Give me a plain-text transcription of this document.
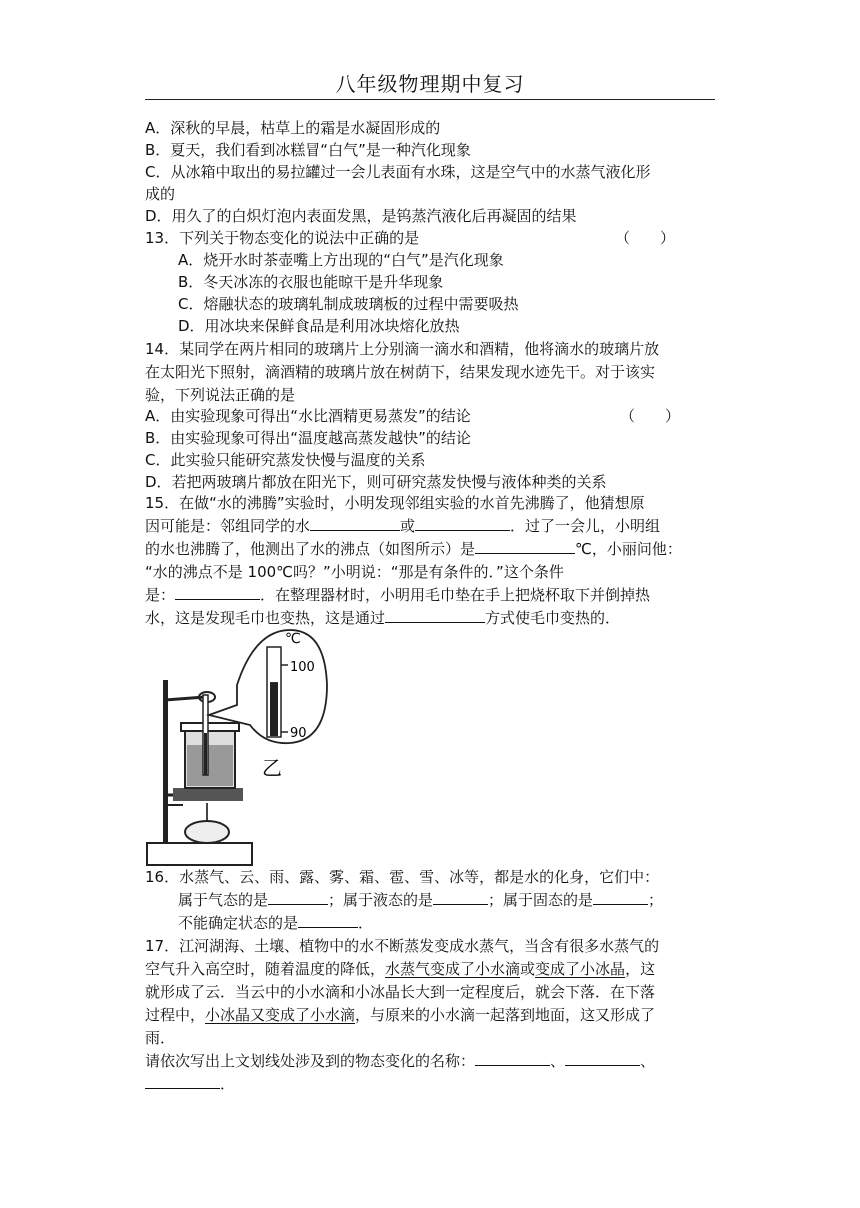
八年级物理期中复习
A．深秋的早晨，枯草上的霜是水凝固形成的
B．夏天，我们看到冰糕冒“白气”是一种汽化现象
C．从冰箱中取出的易拉罐过一会儿表面有水珠，这是空气中的水蒸气液化形
成的
D．用久了的白炽灯泡内表面发黑，是钨蒸汽液化后再凝固的结果
13．下列关于物态变化的说法中正确的是	（　　）
A．烧开水时茶壶嘴上方出现的“白气”是汽化现象
B．冬天冰冻的衣服也能晾干是升华现象
C．熔融状态的玻璃轧制成玻璃板的过程中需要吸热
D．用冰块来保鲜食品是利用冰块熔化放热
14．某同学在两片相同的玻璃片上分别滴一滴水和酒精，他将滴水的玻璃片放
在太阳光下照射，滴酒精的玻璃片放在树荫下，结果发现水迹先干。对于该实
验，下列说法正确的是
A．由实验现象可得出“水比酒精更易蒸发”的结论	（　　）
B．由实验现象可得出“温度越高蒸发越快”的结论
C．此实验只能研究蒸发快慢与温度的关系
D．若把两玻璃片都放在阳光下，则可研究蒸发快慢与液体种类的关系
15．在做“水的沸腾”实验时，小明发现邻组实验的水首先沸腾了，他猜想原
因可能是：邻组同学的水	或	．过了一会儿，小明组
的水也沸腾了，他测出了水的沸点（如图所示）是	℃，小丽问他：
“水的沸点不是 100℃吗？”小明说：“那是有条件的．”这个条件
是：	．在整理器材时，小明用毛巾垫在手上把烧杯取下并倒掉热
水，这是发现毛巾也变热，这是通过	方式使毛巾变热的．
℃
100
90
乙
16．水蒸气、云、雨、露、雾、霜、雹、雪、冰等，都是水的化身，它们中：
属于气态的是	；属于液态的是	；属于固态的是	；
不能确定状态的是	．
17．江河湖海、土壤、植物中的水不断蒸发变成水蒸气，当含有很多水蒸气的
空气升入高空时，随着温度的降低，水蒸气变成了小水滴或变成了小冰晶，这
就形成了云．当云中的小水滴和小冰晶长大到一定程度后，就会下落．在下落
过程中，小冰晶又变成了小水滴，与原来的小水滴一起落到地面，这又形成了
雨．
请依次写出上文划线处涉及到的物态变化的名称：	、	、
．
